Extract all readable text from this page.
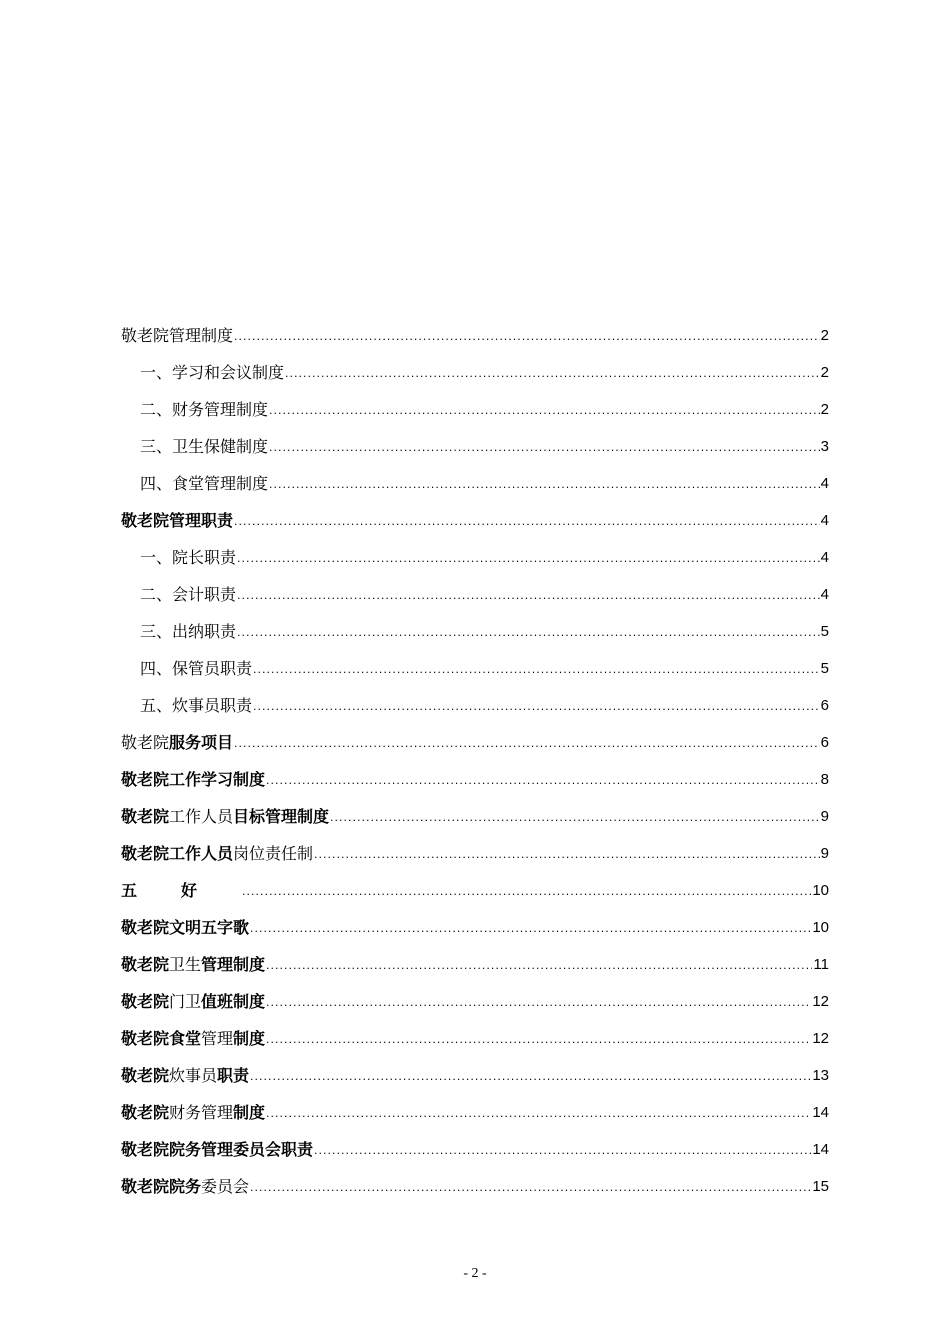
敬老院管理制度 .....	2
一、学习和会议制度 .....	2
二、财务管理制度 .....	2
三、卫生保健制度 .....	3
四、食堂管理制度 .....	4
敬老院管理职责 .....	4
一、院长职责 .....	4
二、会计职责 .....	4
三、出纳职责 .....	5
四、保管员职责 .....	5
五、炊事员职责 .....	6
敬老院服务项目 .....	6
敬老院工作学习制度 .....	8
敬老院工作人员目标管理制度 .....	9
敬老院工作人员岗位责任制 .....	9
五好 .....	10
敬老院文明五字歌 .....	10
敬老院卫生管理制度 .....	11
敬老院门卫值班制度 .....	12
敬老院食堂管理制度 .....	12
敬老院炊事员职责 .....	13
敬老院财务管理制度 .....	14
敬老院院务管理委员会职责 .....	14
敬老院院务委员会 .....	15
- 2 -
